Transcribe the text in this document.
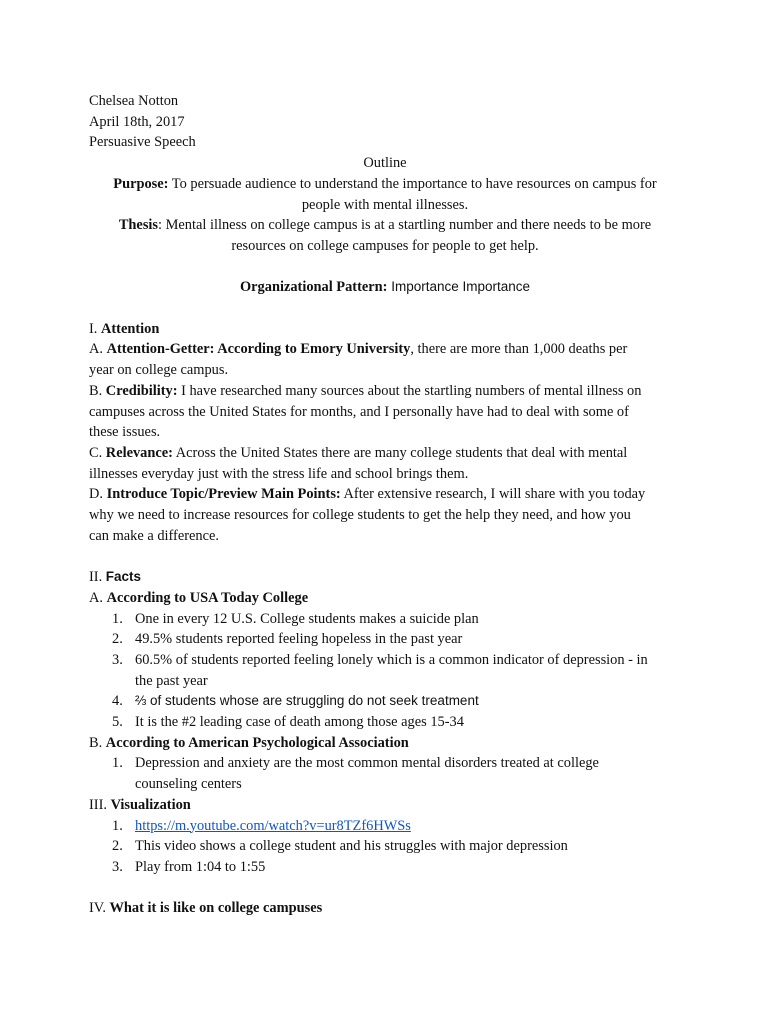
Chelsea Notton
April 18th, 2017
Persuasive Speech
Outline
Purpose: To persuade audience to understand the importance to have resources on campus for
people with mental illnesses.
Thesis: Mental illness on college campus is at a startling number and there needs to be more
resources on college campuses for people to get help.
Organizational Pattern: Importance Importance
I. Attention
A. Attention-Getter: According to Emory University, there are more than 1,000 deaths per
year on college campus.
B. Credibility: I have researched many sources about the startling numbers of mental illness on
campuses across the United States for months, and I personally have had to deal with some of
these issues.
C. Relevance: Across the United States there are many college students that deal with mental
illnesses everyday just with the stress life and school brings them.
D. Introduce Topic/Preview Main Points: After extensive research, I will share with you today
why we need to increase resources for college students to get the help they need, and how you
can make a difference.
II. Facts
A. According to USA Today College
1. One in every 12 U.S. College students makes a suicide plan
2. 49.5% students reported feeling hopeless in the past year
3. 60.5% of students reported feeling lonely which is a common indicator of depression - in
the past year
4. ⅔ of students whose are struggling do not seek treatment
5. It is the #2 leading case of death among those ages 15-34
B. According to American Psychological Association
1. Depression and anxiety are the most common mental disorders treated at college
counseling centers
III. Visualization
1. https://m.youtube.com/watch?v=ur8TZf6HWSs
2. This video shows a college student and his struggles with major depression
3. Play from 1:04 to 1:55
IV. What it is like on college campuses
